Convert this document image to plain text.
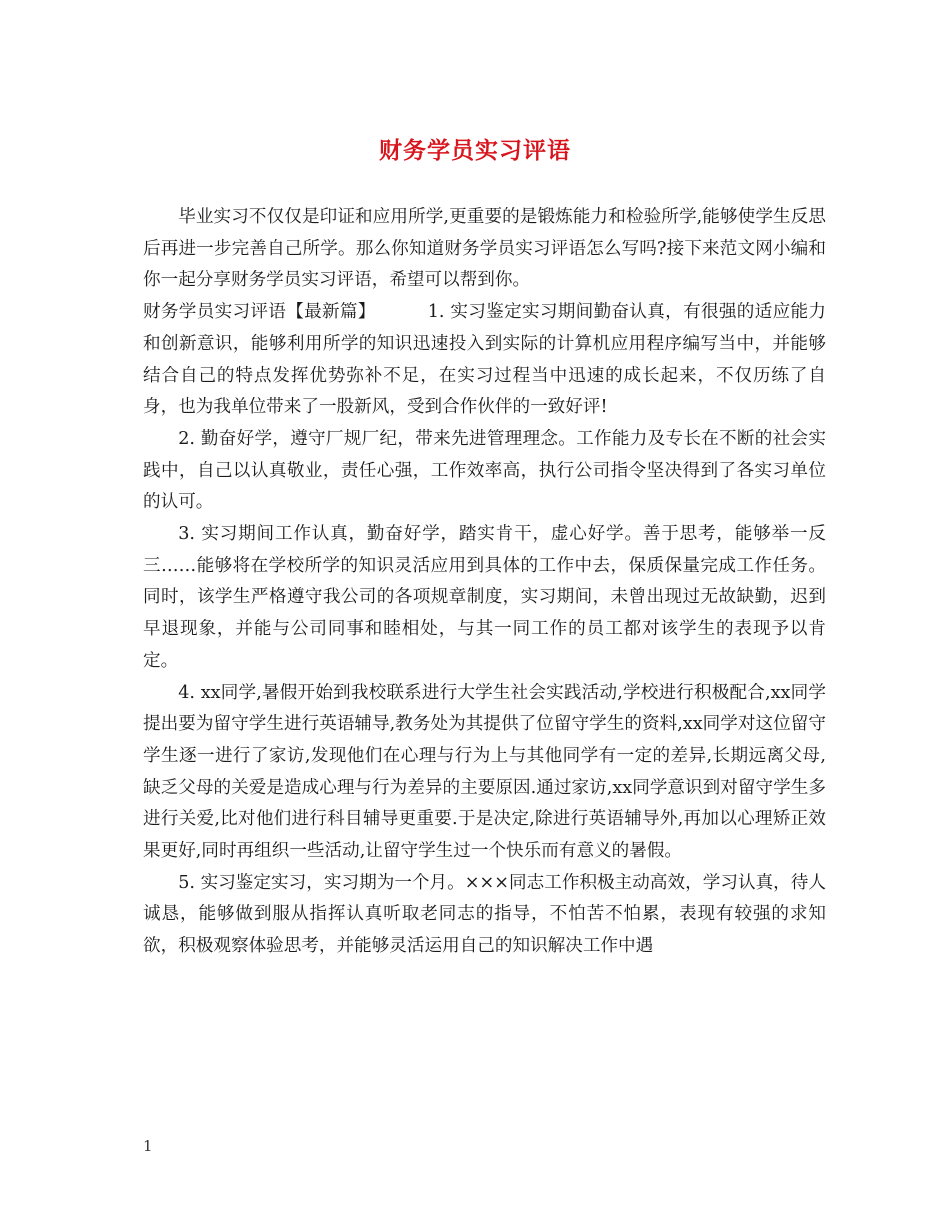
财务学员实习评语

毕业实习不仅仅是印证和应用所学,更重要的是锻炼能力和检验所学,能够使学生反思后再进一步完善自己所学。那么你知道财务学员实习评语怎么写吗?接下来范文网小编和你一起分享财务学员实习评语，希望可以帮到你。

财务学员实习评语【最新篇】	1. 实习鉴定实习期间勤奋认真，有很强的适应能力和创新意识，能够利用所学的知识迅速投入到实际的计算机应用程序编写当中，并能够结合自己的特点发挥优势弥补不足，在实习过程当中迅速的成长起来，不仅历练了自身，也为我单位带来了一股新风，受到合作伙伴的一致好评!

2. 勤奋好学，遵守厂规厂纪，带来先进管理理念。工作能力及专长在不断的社会实践中，自己以认真敬业，责任心强，工作效率高，执行公司指令坚决得到了各实习单位的认可。

3. 实习期间工作认真，勤奋好学，踏实肯干，虚心好学。善于思考，能够举一反三……能够将在学校所学的知识灵活应用到具体的工作中去，保质保量完成工作任务。同时，该学生严格遵守我公司的各项规章制度，实习期间，未曾出现过无故缺勤，迟到早退现象，并能与公司同事和睦相处，与其一同工作的员工都对该学生的表现予以肯定。

4. xx同学,暑假开始到我校联系进行大学生社会实践活动,学校进行积极配合,xx同学提出要为留守学生进行英语辅导,教务处为其提供了位留守学生的资料,xx同学对这位留守学生逐一进行了家访,发现他们在心理与行为上与其他同学有一定的差异,长期远离父母,缺乏父母的关爱是造成心理与行为差异的主要原因.通过家访,xx同学意识到对留守学生多进行关爱,比对他们进行科目辅导更重要.于是决定,除进行英语辅导外,再加以心理矫正效果更好,同时再组织一些活动,让留守学生过一个快乐而有意义的暑假。

5. 实习鉴定实习，实习期为一个月。×××同志工作积极主动高效，学习认真，待人诚恳，能够做到服从指挥认真听取老同志的指导，不怕苦不怕累，表现有较强的求知欲，积极观察体验思考，并能够灵活运用自己的知识解决工作中遇

1
